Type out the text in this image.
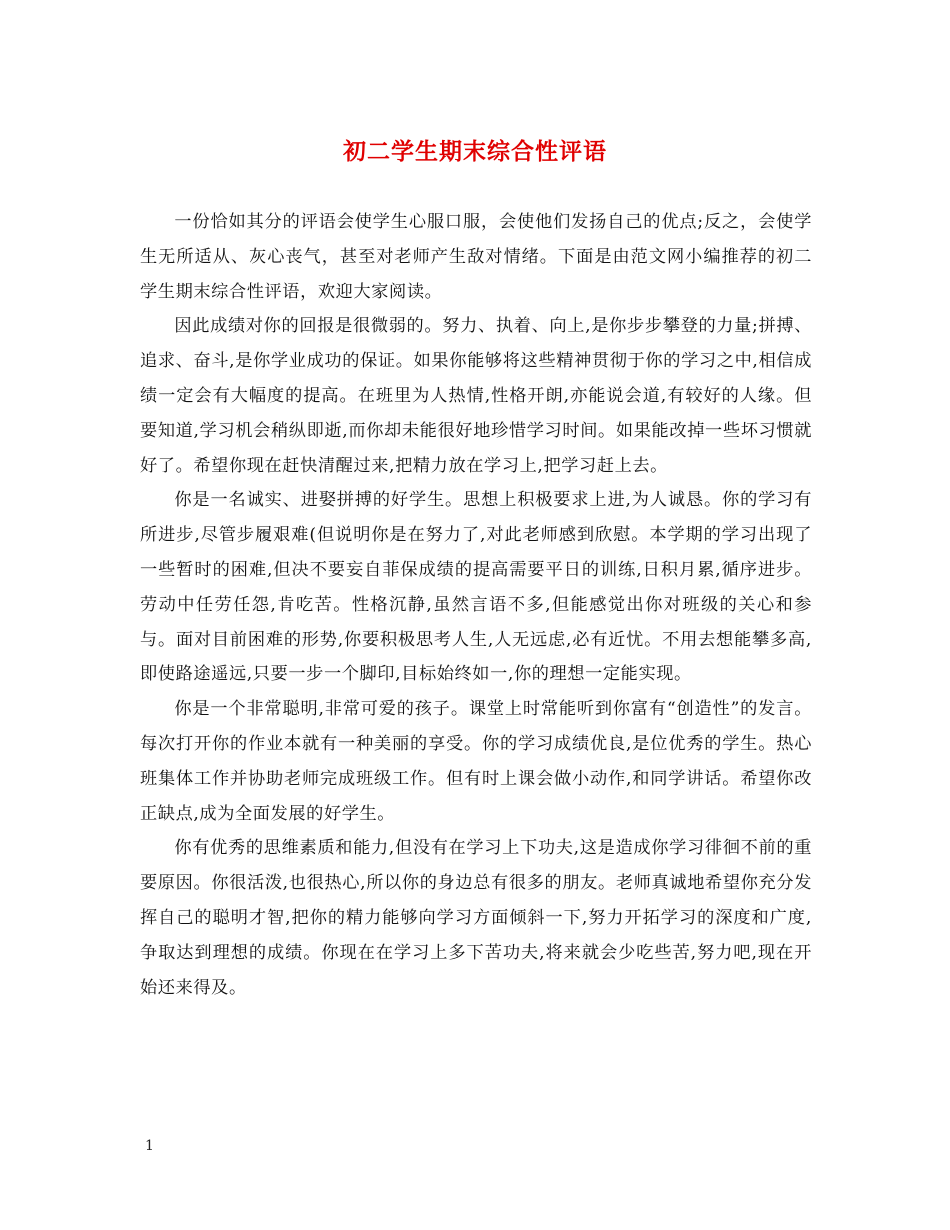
初二学生期末综合性评语

一份恰如其分的评语会使学生心服口服，会使他们发扬自己的优点;反之，会使学生无所适从、灰心丧气，甚至对老师产生敌对情绪。下面是由范文网小编推荐的初二学生期末综合性评语，欢迎大家阅读。

因此成绩对你的回报是很微弱的。努力、执着、向上,是你步步攀登的力量;拼搏、追求、奋斗,是你学业成功的保证。如果你能够将这些精神贯彻于你的学习之中,相信成绩一定会有大幅度的提高。在班里为人热情,性格开朗,亦能说会道,有较好的人缘。但要知道,学习机会稍纵即逝,而你却未能很好地珍惜学习时间。如果能改掉一些坏习惯就好了。希望你现在赶快清醒过来,把精力放在学习上,把学习赶上去。

你是一名诚实、进娶拼搏的好学生。思想上积极要求上进,为人诚恳。你的学习有所进步,尽管步履艰难(但说明你是在努力了,对此老师感到欣慰。本学期的学习出现了一些暂时的困难,但决不要妄自菲保成绩的提高需要平日的训练,日积月累,循序进步。劳动中任劳任怨,肯吃苦。性格沉静,虽然言语不多,但能感觉出你对班级的关心和参与。面对目前困难的形势,你要积极思考人生,人无远虑,必有近忧。不用去想能攀多高,即使路途遥远,只要一步一个脚印,目标始终如一,你的理想一定能实现。

你是一个非常聪明,非常可爱的孩子。课堂上时常能听到你富有“创造性”的发言。每次打开你的作业本就有一种美丽的享受。你的学习成绩优良,是位优秀的学生。热心班集体工作并协助老师完成班级工作。但有时上课会做小动作,和同学讲话。希望你改正缺点,成为全面发展的好学生。

你有优秀的思维素质和能力,但没有在学习上下功夫,这是造成你学习徘徊不前的重要原因。你很活泼,也很热心,所以你的身边总有很多的朋友。老师真诚地希望你充分发挥自己的聪明才智,把你的精力能够向学习方面倾斜一下,努力开拓学习的深度和广度,争取达到理想的成绩。你现在在学习上多下苦功夫,将来就会少吃些苦,努力吧,现在开始还来得及。

1
